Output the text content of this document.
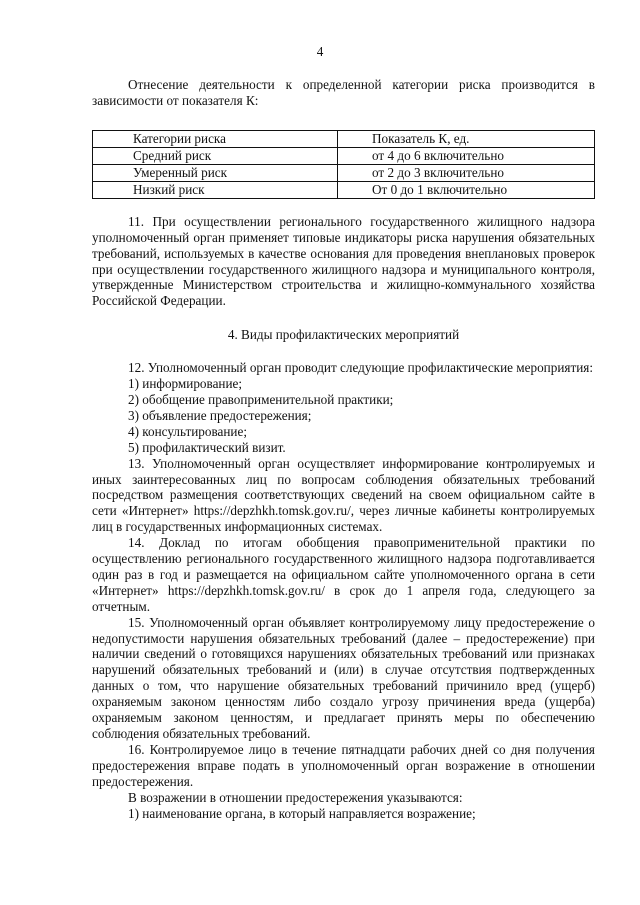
4

Отнесение деятельности к определенной категории риска производится в зависимости от показателя К:

Категории риска	Показатель К, ед.
Средний риск	от 4 до 6 включительно
Умеренный риск	от 2 до 3 включительно
Низкий риск	От 0 до 1 включительно

11. При осуществлении регионального государственного жилищного надзора уполномоченный орган применяет типовые индикаторы риска нарушения обязательных требований, используемых в качестве основания для проведения внеплановых проверок при осуществлении государственного жилищного надзора и муниципального контроля, утвержденные Министерством строительства и жилищно-коммунального хозяйства Российской Федерации.

4. Виды профилактических мероприятий

12. Уполномоченный орган проводит следующие профилактические мероприятия:

1) информирование;

2) обобщение правоприменительной практики;

3) объявление предостережения;

4) консультирование;

5) профилактический визит.

13. Уполномоченный орган осуществляет информирование контролируемых и иных заинтересованных лиц по вопросам соблюдения обязательных требований посредством размещения соответствующих сведений на своем официальном сайте в сети «Интернет» https://depzhkh.tomsk.gov.ru/, через личные кабинеты контролируемых лиц в государственных информационных системах.

14. Доклад по итогам обобщения правоприменительной практики по осуществлению регионального государственного жилищного надзора подготавливается один раз в год и размещается на официальном сайте уполномоченного органа в сети «Интернет» https://depzhkh.tomsk.gov.ru/ в срок до 1 апреля года, следующего за отчетным.

15. Уполномоченный орган объявляет контролируемому лицу предостережение о недопустимости нарушения обязательных требований (далее – предостережение) при наличии сведений о готовящихся нарушениях обязательных требований или признаках нарушений обязательных требований и (или) в случае отсутствия подтвержденных данных о том, что нарушение обязательных требований причинило вред (ущерб) охраняемым законом ценностям либо создало угрозу причинения вреда (ущерба) охраняемым законом ценностям, и предлагает принять меры по обеспечению соблюдения обязательных требований.

16. Контролируемое лицо в течение пятнадцати рабочих дней со дня получения предостережения вправе подать в уполномоченный орган возражение в отношении предостережения.

В возражении в отношении предостережения указываются:

1) наименование органа, в который направляется возражение;
